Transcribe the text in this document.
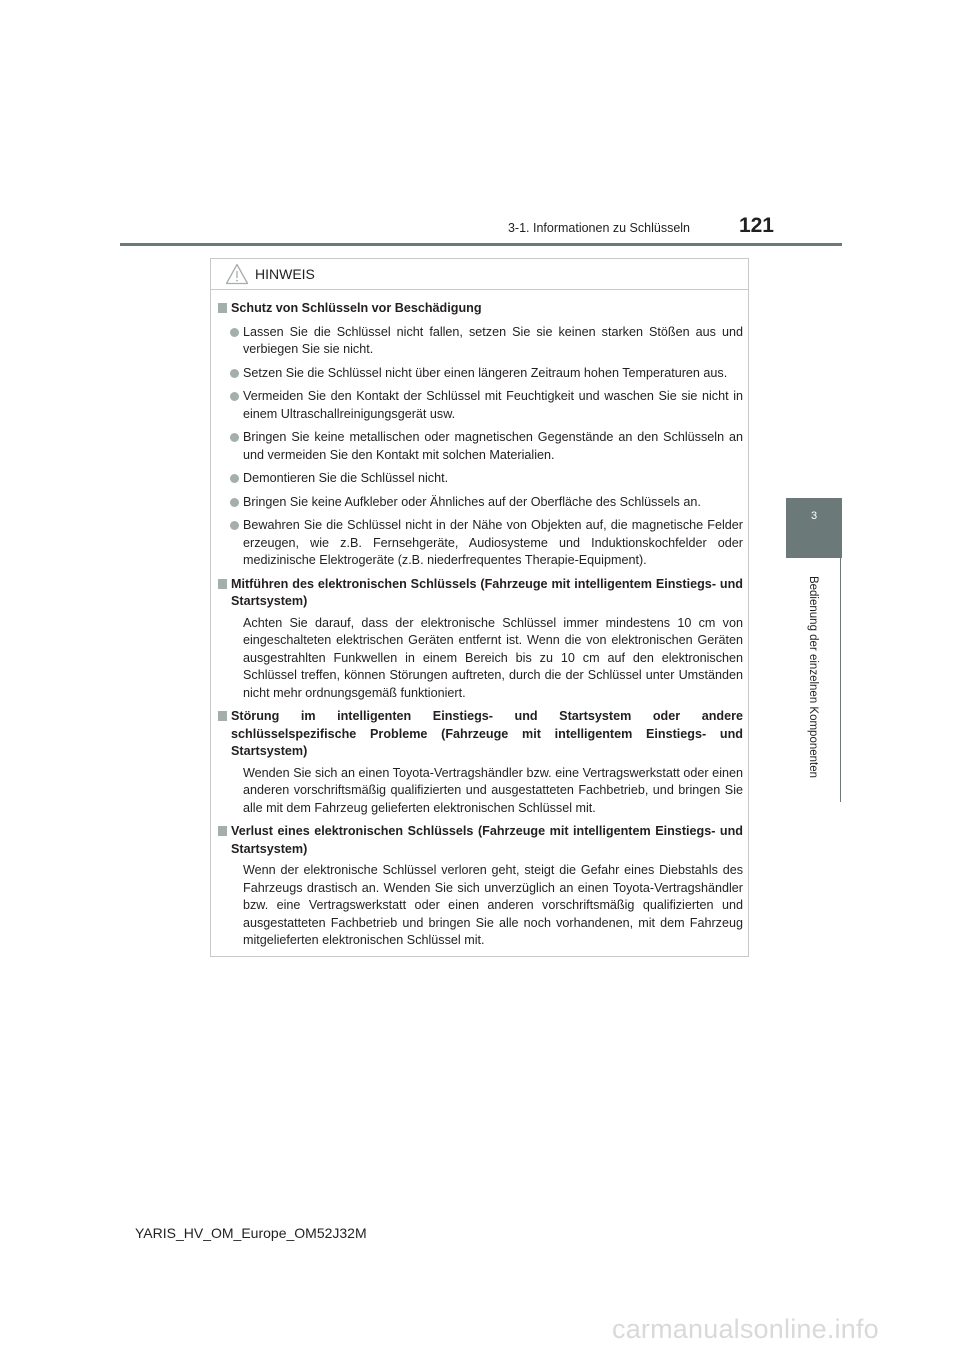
3-1. Informationen zu Schlüsseln	121
3
Bedienung der einzelnen Komponenten
HINWEIS
Schutz von Schlüsseln vor Beschädigung
Lassen Sie die Schlüssel nicht fallen, setzen Sie sie keinen starken Stößen aus und verbiegen Sie sie nicht.
Setzen Sie die Schlüssel nicht über einen längeren Zeitraum hohen Temperaturen aus.
Vermeiden Sie den Kontakt der Schlüssel mit Feuchtigkeit und waschen Sie sie nicht in einem Ultraschallreinigungsgerät usw.
Bringen Sie keine metallischen oder magnetischen Gegenstände an den Schlüsseln an und vermeiden Sie den Kontakt mit solchen Materialien.
Demontieren Sie die Schlüssel nicht.
Bringen Sie keine Aufkleber oder Ähnliches auf der Oberfläche des Schlüssels an.
Bewahren Sie die Schlüssel nicht in der Nähe von Objekten auf, die magnetische Felder erzeugen, wie z.B. Fernsehgeräte, Audiosysteme und Induktionskochfelder oder medizinische Elektrogeräte (z.B. niederfrequentes Therapie-Equipment).
Mitführen des elektronischen Schlüssels (Fahrzeuge mit intelligentem Einstiegs- und Startsystem)
Achten Sie darauf, dass der elektronische Schlüssel immer mindestens 10 cm von eingeschalteten elektrischen Geräten entfernt ist. Wenn die von elektronischen Geräten ausgestrahlten Funkwellen in einem Bereich bis zu 10 cm auf den elektronischen Schlüssel treffen, können Störungen auftreten, durch die der Schlüssel unter Umständen nicht mehr ordnungsgemäß funktioniert.
Störung im intelligenten Einstiegs- und Startsystem oder andere schlüsselspezifische Probleme (Fahrzeuge mit intelligentem Einstiegs- und Startsystem)
Wenden Sie sich an einen Toyota-Vertragshändler bzw. eine Vertragswerkstatt oder einen anderen vorschriftsmäßig qualifizierten und ausgestatteten Fachbetrieb, und bringen Sie alle mit dem Fahrzeug gelieferten elektronischen Schlüssel mit.
Verlust eines elektronischen Schlüssels (Fahrzeuge mit intelligentem Einstiegs- und Startsystem)
Wenn der elektronische Schlüssel verloren geht, steigt die Gefahr eines Diebstahls des Fahrzeugs drastisch an. Wenden Sie sich unverzüglich an einen Toyota-Vertragshändler bzw. eine Vertragswerkstatt oder einen anderen vorschriftsmäßig qualifizierten und ausgestatteten Fachbetrieb und bringen Sie alle noch vorhandenen, mit dem Fahrzeug mitgelieferten elektronischen Schlüssel mit.
YARIS_HV_OM_Europe_OM52J32M
carmanualsonline.info
